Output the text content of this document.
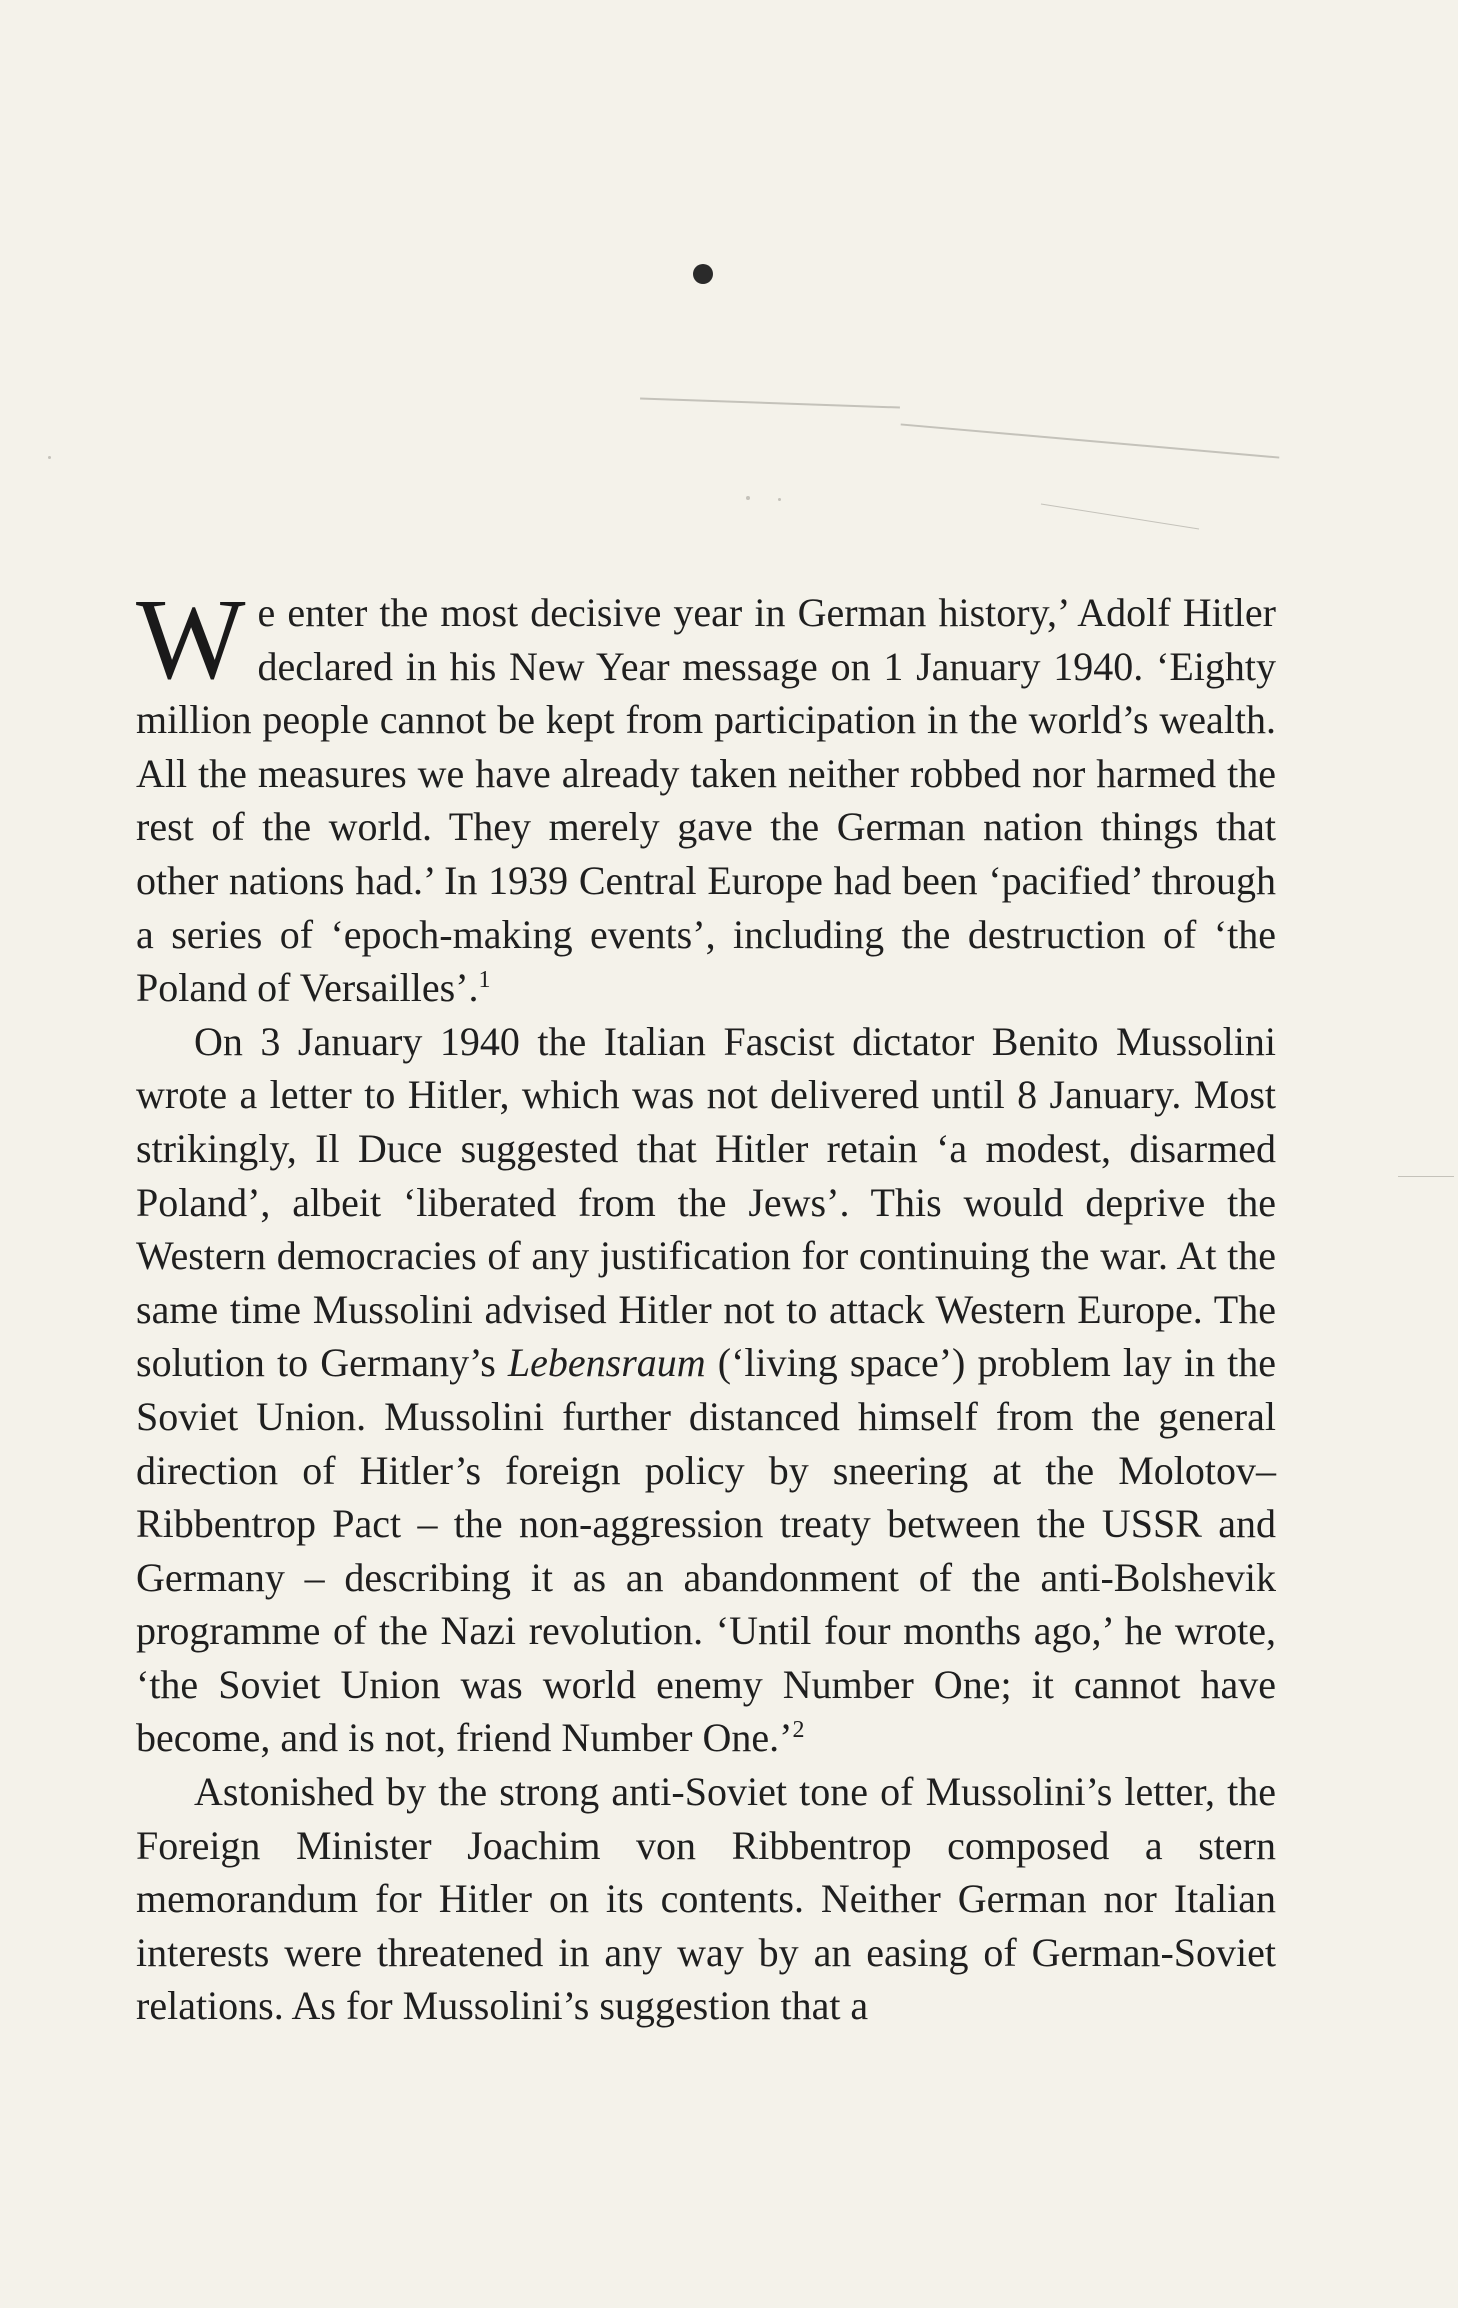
We enter the most decisive year in German history,’ Adolf Hitler declared in his New Year message on 1 January 1940. ‘Eighty million people cannot be kept from participation in the world’s wealth. All the measures we have already taken neither robbed nor harmed the rest of the world. They merely gave the German nation things that other nations had.’ In 1939 Central Europe had been ‘pacified’ through a series of ‘epoch-making events’, including the destruction of ‘the Poland of Versailles’.$^1$

On 3 January 1940 the Italian Fascist dictator Benito Mussolini wrote a letter to Hitler, which was not delivered until 8 January. Most strikingly, Il Duce suggested that Hitler retain ‘a modest, disarmed Poland’, albeit ‘liberated from the Jews’. This would deprive the Western democracies of any justification for continuing the war. At the same time Mussolini advised Hitler not to attack Western Europe. The solution to Germany’s Lebensraum (‘living space’) problem lay in the Soviet Union. Mussolini further distanced himself from the general direction of Hitler’s foreign policy by sneering at the Molotov–Ribbentrop Pact – the non-aggression treaty between the USSR and Germany – describing it as an abandonment of the anti-Bolshevik programme of the Nazi revolution. ‘Until four months ago,’ he wrote, ‘the Soviet Union was world enemy Number One; it cannot have become, and is not, friend Number One.’$^2$

Astonished by the strong anti-Soviet tone of Mussolini’s letter, the Foreign Minister Joachim von Ribbentrop composed a stern memorandum for Hitler on its contents. Neither German nor Italian interests were threatened in any way by an easing of German-Soviet relations. As for Mussolini’s suggestion that a
